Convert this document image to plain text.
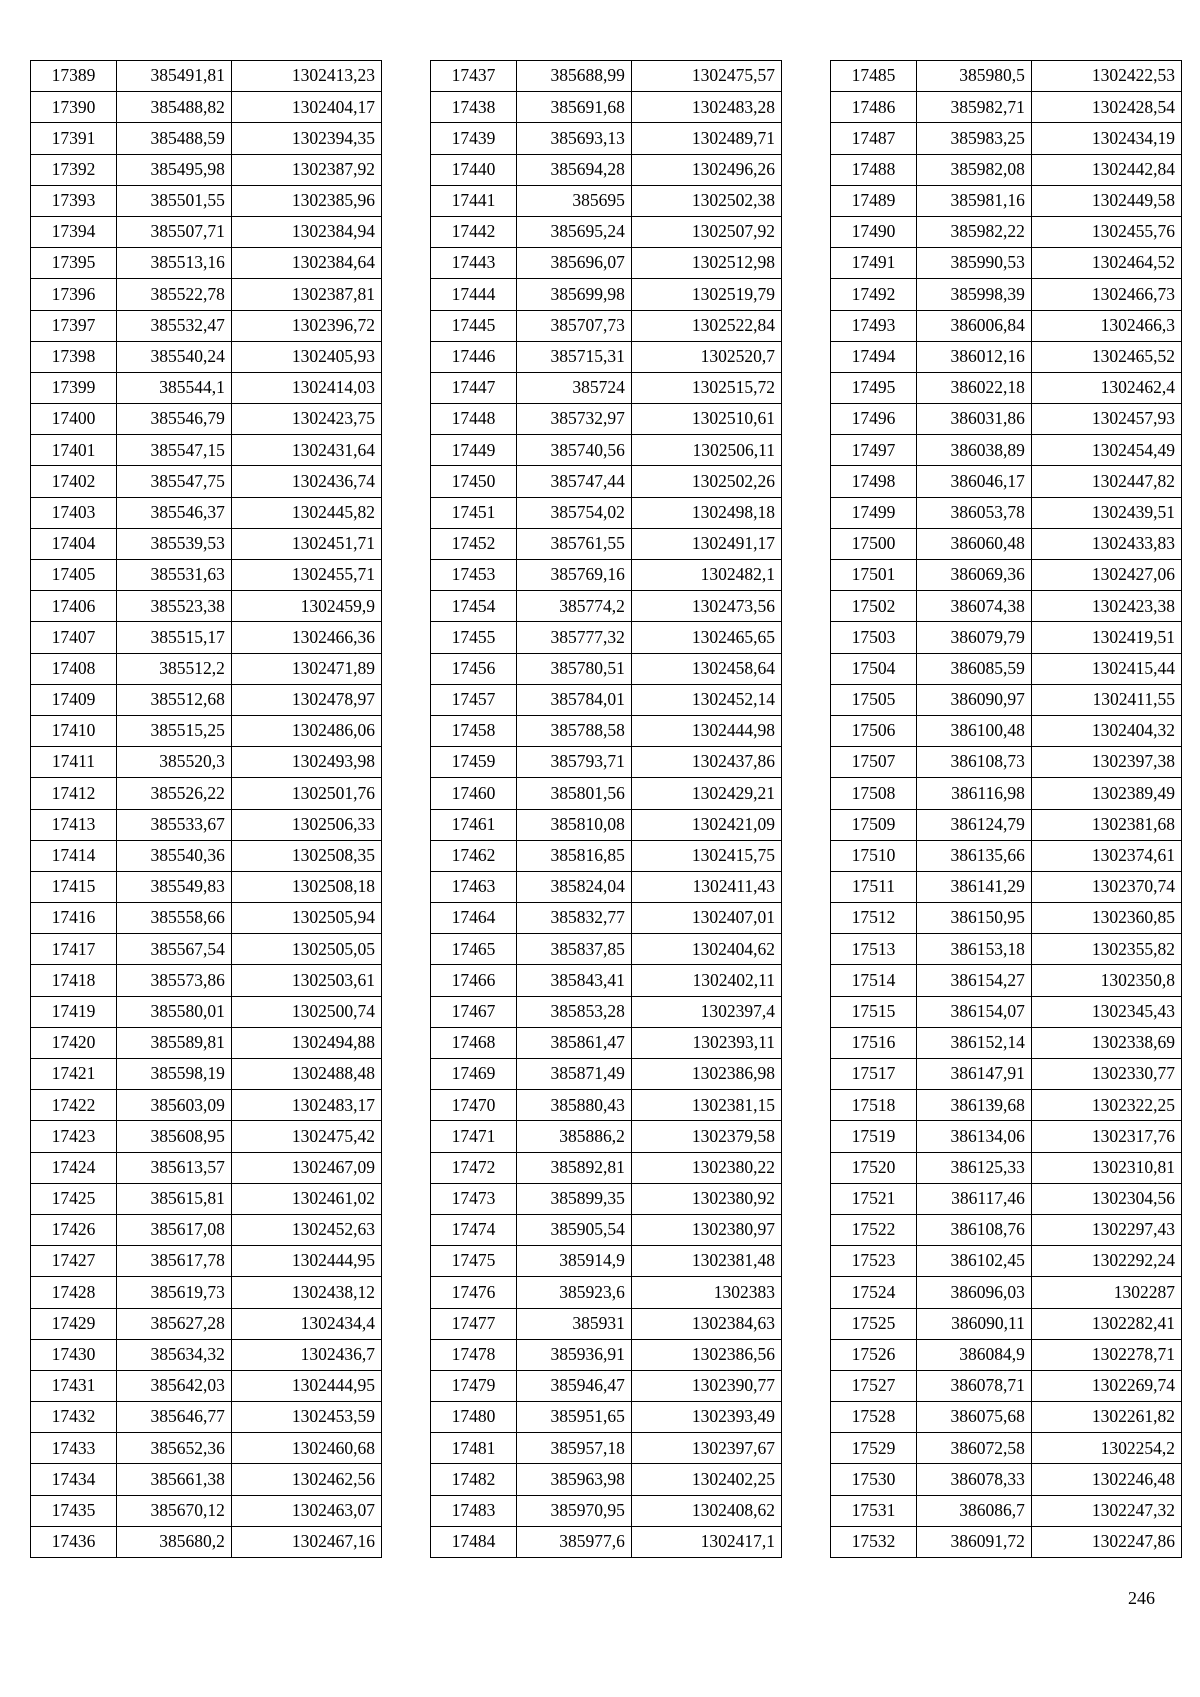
17389	385491,81	1302413,23
17390	385488,82	1302404,17
17391	385488,59	1302394,35
17392	385495,98	1302387,92
17393	385501,55	1302385,96
17394	385507,71	1302384,94
17395	385513,16	1302384,64
17396	385522,78	1302387,81
17397	385532,47	1302396,72
17398	385540,24	1302405,93
17399	385544,1	1302414,03
17400	385546,79	1302423,75
17401	385547,15	1302431,64
17402	385547,75	1302436,74
17403	385546,37	1302445,82
17404	385539,53	1302451,71
17405	385531,63	1302455,71
17406	385523,38	1302459,9
17407	385515,17	1302466,36
17408	385512,2	1302471,89
17409	385512,68	1302478,97
17410	385515,25	1302486,06
17411	385520,3	1302493,98
17412	385526,22	1302501,76
17413	385533,67	1302506,33
17414	385540,36	1302508,35
17415	385549,83	1302508,18
17416	385558,66	1302505,94
17417	385567,54	1302505,05
17418	385573,86	1302503,61
17419	385580,01	1302500,74
17420	385589,81	1302494,88
17421	385598,19	1302488,48
17422	385603,09	1302483,17
17423	385608,95	1302475,42
17424	385613,57	1302467,09
17425	385615,81	1302461,02
17426	385617,08	1302452,63
17427	385617,78	1302444,95
17428	385619,73	1302438,12
17429	385627,28	1302434,4
17430	385634,32	1302436,7
17431	385642,03	1302444,95
17432	385646,77	1302453,59
17433	385652,36	1302460,68
17434	385661,38	1302462,56
17435	385670,12	1302463,07
17436	385680,2	1302467,16
17437	385688,99	1302475,57
17438	385691,68	1302483,28
17439	385693,13	1302489,71
17440	385694,28	1302496,26
17441	385695	1302502,38
17442	385695,24	1302507,92
17443	385696,07	1302512,98
17444	385699,98	1302519,79
17445	385707,73	1302522,84
17446	385715,31	1302520,7
17447	385724	1302515,72
17448	385732,97	1302510,61
17449	385740,56	1302506,11
17450	385747,44	1302502,26
17451	385754,02	1302498,18
17452	385761,55	1302491,17
17453	385769,16	1302482,1
17454	385774,2	1302473,56
17455	385777,32	1302465,65
17456	385780,51	1302458,64
17457	385784,01	1302452,14
17458	385788,58	1302444,98
17459	385793,71	1302437,86
17460	385801,56	1302429,21
17461	385810,08	1302421,09
17462	385816,85	1302415,75
17463	385824,04	1302411,43
17464	385832,77	1302407,01
17465	385837,85	1302404,62
17466	385843,41	1302402,11
17467	385853,28	1302397,4
17468	385861,47	1302393,11
17469	385871,49	1302386,98
17470	385880,43	1302381,15
17471	385886,2	1302379,58
17472	385892,81	1302380,22
17473	385899,35	1302380,92
17474	385905,54	1302380,97
17475	385914,9	1302381,48
17476	385923,6	1302383
17477	385931	1302384,63
17478	385936,91	1302386,56
17479	385946,47	1302390,77
17480	385951,65	1302393,49
17481	385957,18	1302397,67
17482	385963,98	1302402,25
17483	385970,95	1302408,62
17484	385977,6	1302417,1
17485	385980,5	1302422,53
17486	385982,71	1302428,54
17487	385983,25	1302434,19
17488	385982,08	1302442,84
17489	385981,16	1302449,58
17490	385982,22	1302455,76
17491	385990,53	1302464,52
17492	385998,39	1302466,73
17493	386006,84	1302466,3
17494	386012,16	1302465,52
17495	386022,18	1302462,4
17496	386031,86	1302457,93
17497	386038,89	1302454,49
17498	386046,17	1302447,82
17499	386053,78	1302439,51
17500	386060,48	1302433,83
17501	386069,36	1302427,06
17502	386074,38	1302423,38
17503	386079,79	1302419,51
17504	386085,59	1302415,44
17505	386090,97	1302411,55
17506	386100,48	1302404,32
17507	386108,73	1302397,38
17508	386116,98	1302389,49
17509	386124,79	1302381,68
17510	386135,66	1302374,61
17511	386141,29	1302370,74
17512	386150,95	1302360,85
17513	386153,18	1302355,82
17514	386154,27	1302350,8
17515	386154,07	1302345,43
17516	386152,14	1302338,69
17517	386147,91	1302330,77
17518	386139,68	1302322,25
17519	386134,06	1302317,76
17520	386125,33	1302310,81
17521	386117,46	1302304,56
17522	386108,76	1302297,43
17523	386102,45	1302292,24
17524	386096,03	1302287
17525	386090,11	1302282,41
17526	386084,9	1302278,71
17527	386078,71	1302269,74
17528	386075,68	1302261,82
17529	386072,58	1302254,2
17530	386078,33	1302246,48
17531	386086,7	1302247,32
17532	386091,72	1302247,86
246
